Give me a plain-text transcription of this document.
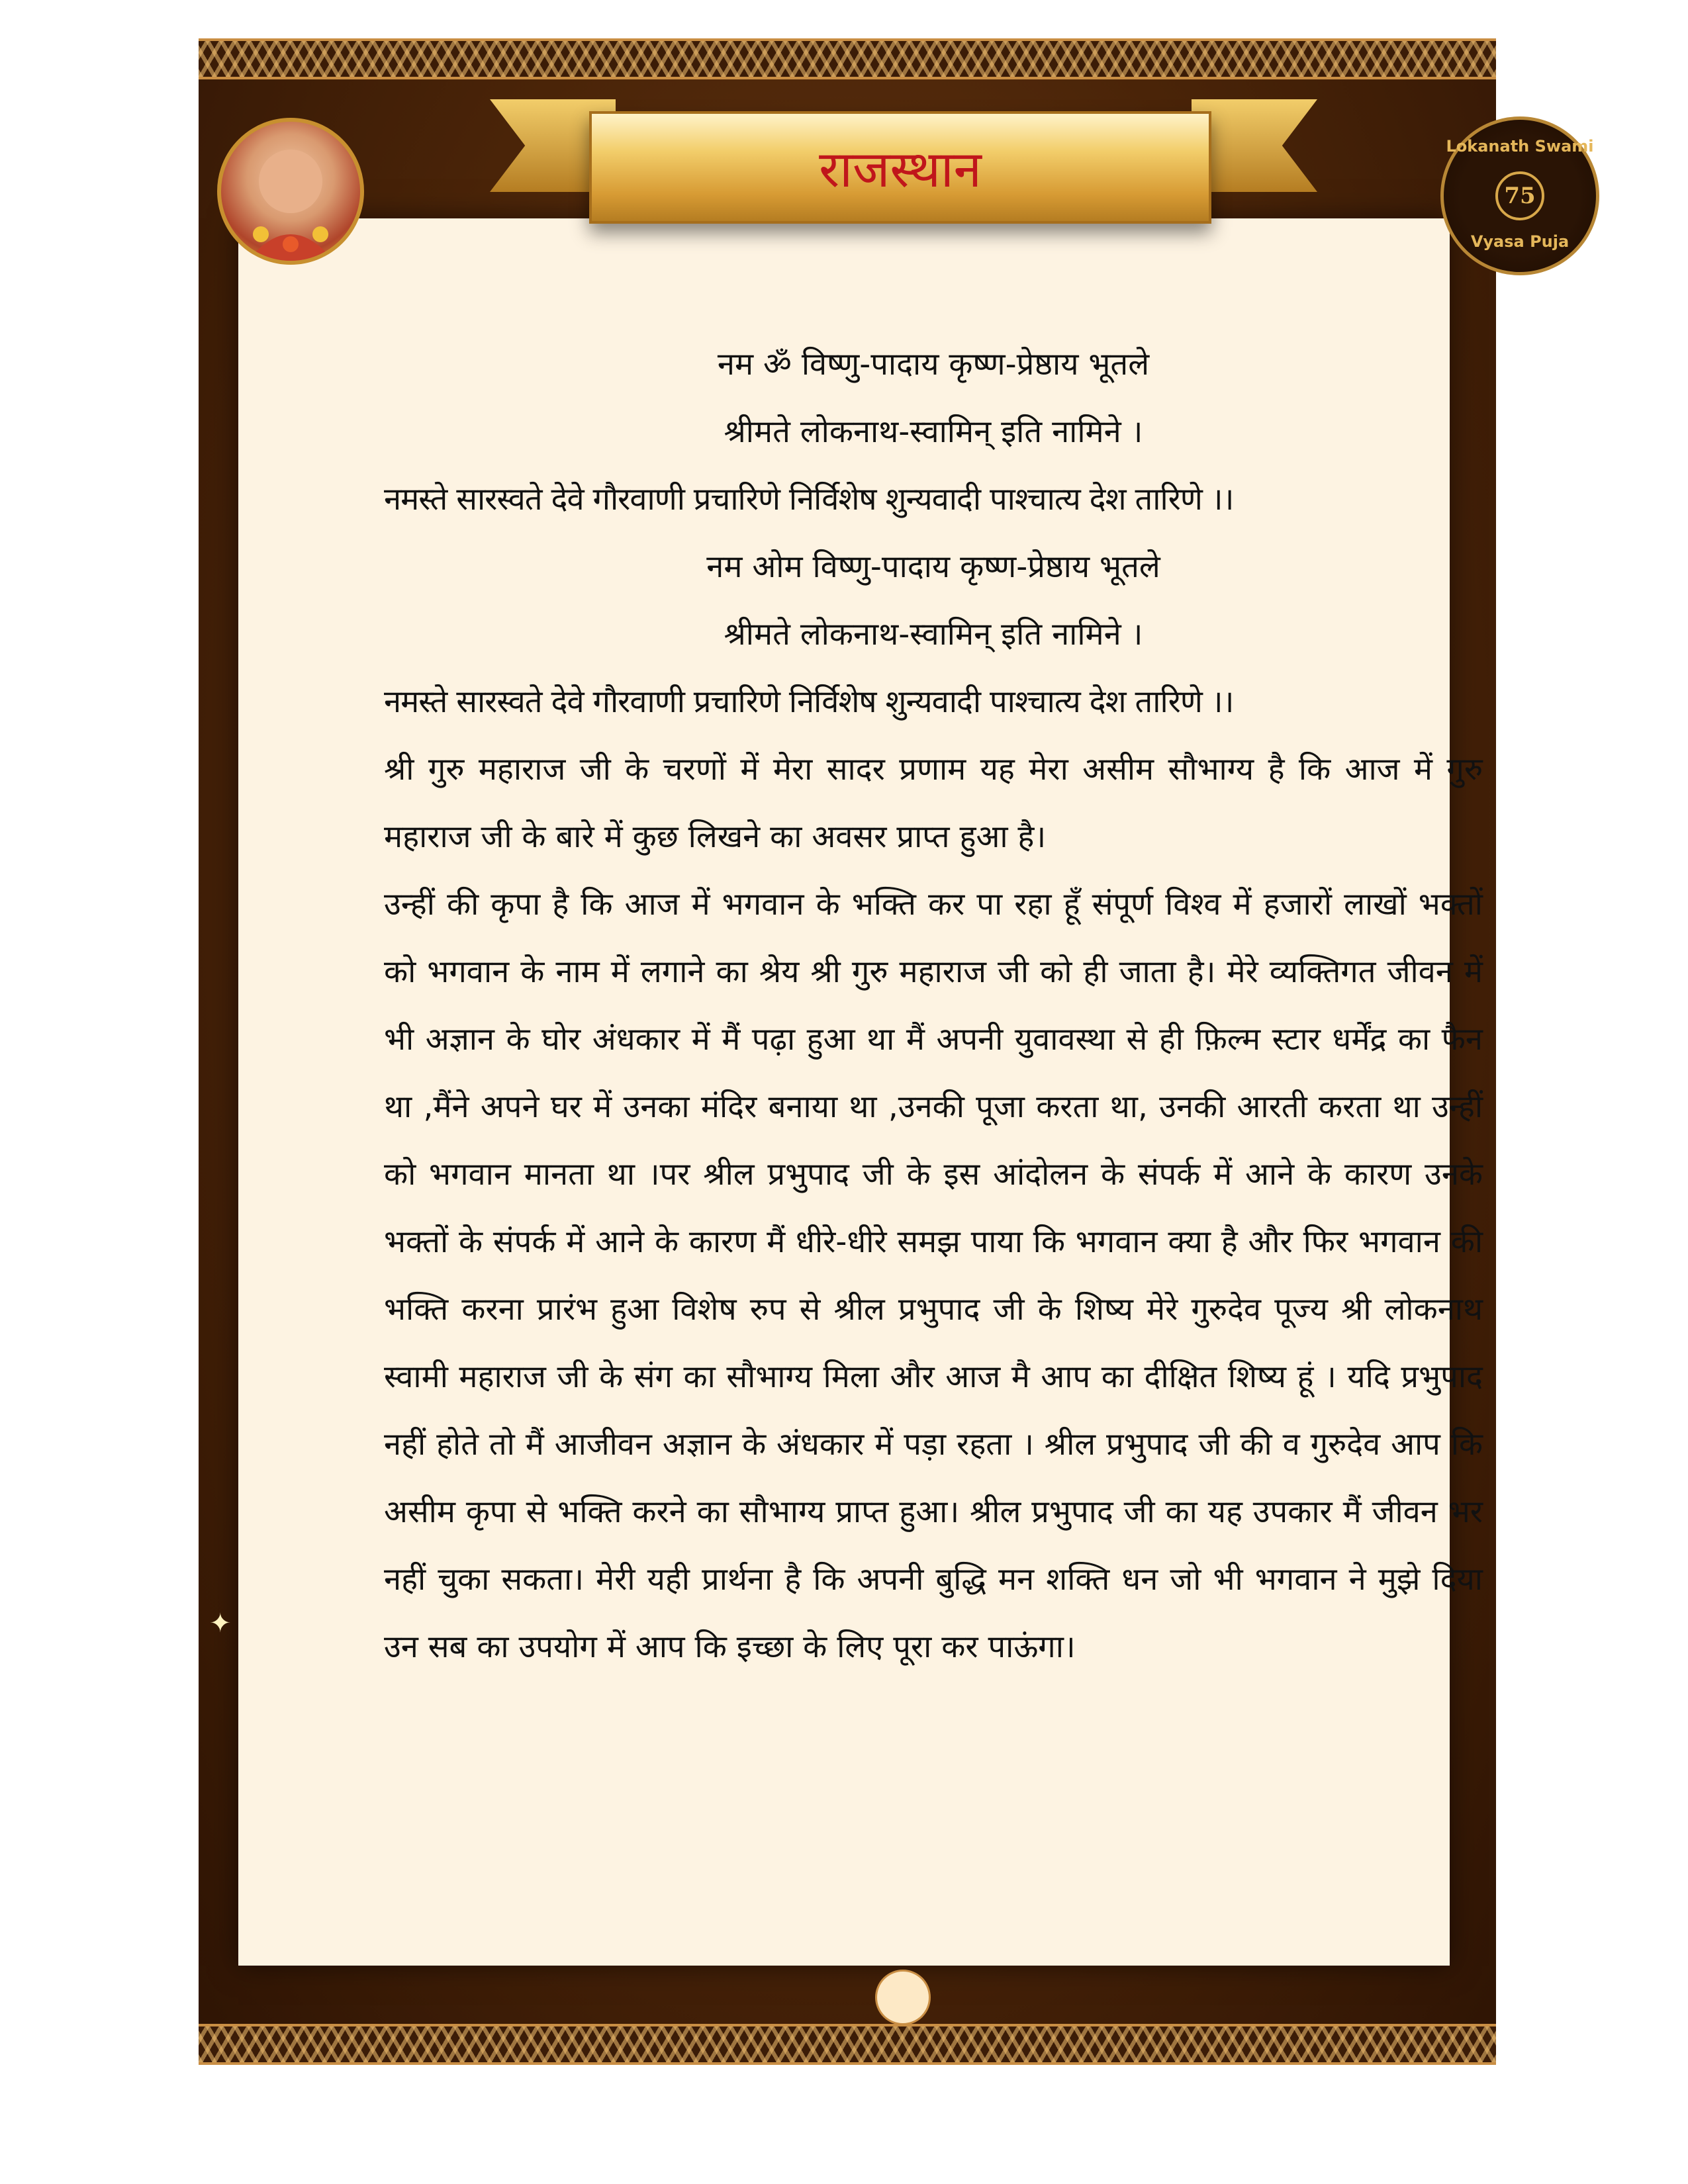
राजस्थान	Lokanath Swami
75
Vyasa Puja
नम ॐ विष्णु-पादाय कृष्ण-प्रेष्ठाय भूतले
श्रीमते लोकनाथ-स्वामिन् इति नामिने ।
नमस्ते सारस्वते देवे गौरवाणी प्रचारिणे निर्विशेष शुन्यवादी पाश्चात्य देश तारिणे ।।
नम ओम विष्णु-पादाय कृष्ण-प्रेष्ठाय भूतले
श्रीमते लोकनाथ-स्वामिन् इति नामिने ।
नमस्ते सारस्वते देवे गौरवाणी प्रचारिणे निर्विशेष शुन्यवादी पाश्चात्य देश तारिणे ।।
श्री गुरु महाराज जी के चरणों में मेरा सादर प्रणाम यह मेरा असीम सौभाग्य है कि आज में गुरु महाराज जी के बारे में कुछ लिखने का अवसर प्राप्त हुआ है।
उन्हीं की कृपा है कि आज में भगवान के भक्ति कर पा रहा हूँ संपूर्ण विश्व में हजारों लाखों भक्तों को भगवान के नाम में लगाने का श्रेय श्री गुरु महाराज जी को ही जाता है। मेरे व्यक्तिगत जीवन में भी अज्ञान के घोर अंधकार में मैं पढ़ा हुआ था मैं अपनी युवावस्था से ही फ़िल्म स्टार धर्मेंद्र का फैन था ,मैंने अपने घर में उनका मंदिर बनाया था ,उनकी पूजा करता था, उनकी आरती करता था उन्हीं को भगवान मानता था ।पर श्रील प्रभुपाद जी के इस आंदोलन के संपर्क में आने के कारण उनके भक्तों के संपर्क में आने के कारण मैं धीरे-धीरे समझ पाया कि भगवान क्या है और फिर भगवान की भक्ति करना प्रारंभ हुआ विशेष रुप से श्रील प्रभुपाद जी के शिष्य मेरे गुरुदेव पूज्य श्री लोकनाथ स्वामी महाराज जी के संग का सौभाग्य मिला और आज मै आप का दीक्षित शिष्य हूं । यदि प्रभुपाद नहीं होते तो मैं आजीवन अज्ञान के अंधकार में पड़ा रहता । श्रील प्रभुपाद जी की व गुरुदेव आप कि असीम कृपा से भक्ति करने का सौभाग्य प्राप्त हुआ। श्रील प्रभुपाद जी का यह उपकार मैं जीवन भर नहीं चुका सकता। मेरी यही प्रार्थना है कि अपनी बुद्धि मन शक्ति धन जो भी भगवान ने मुझे दिया उन सब का उपयोग में आप कि इच्छा के लिए पूरा कर पाऊंगा।
✦
